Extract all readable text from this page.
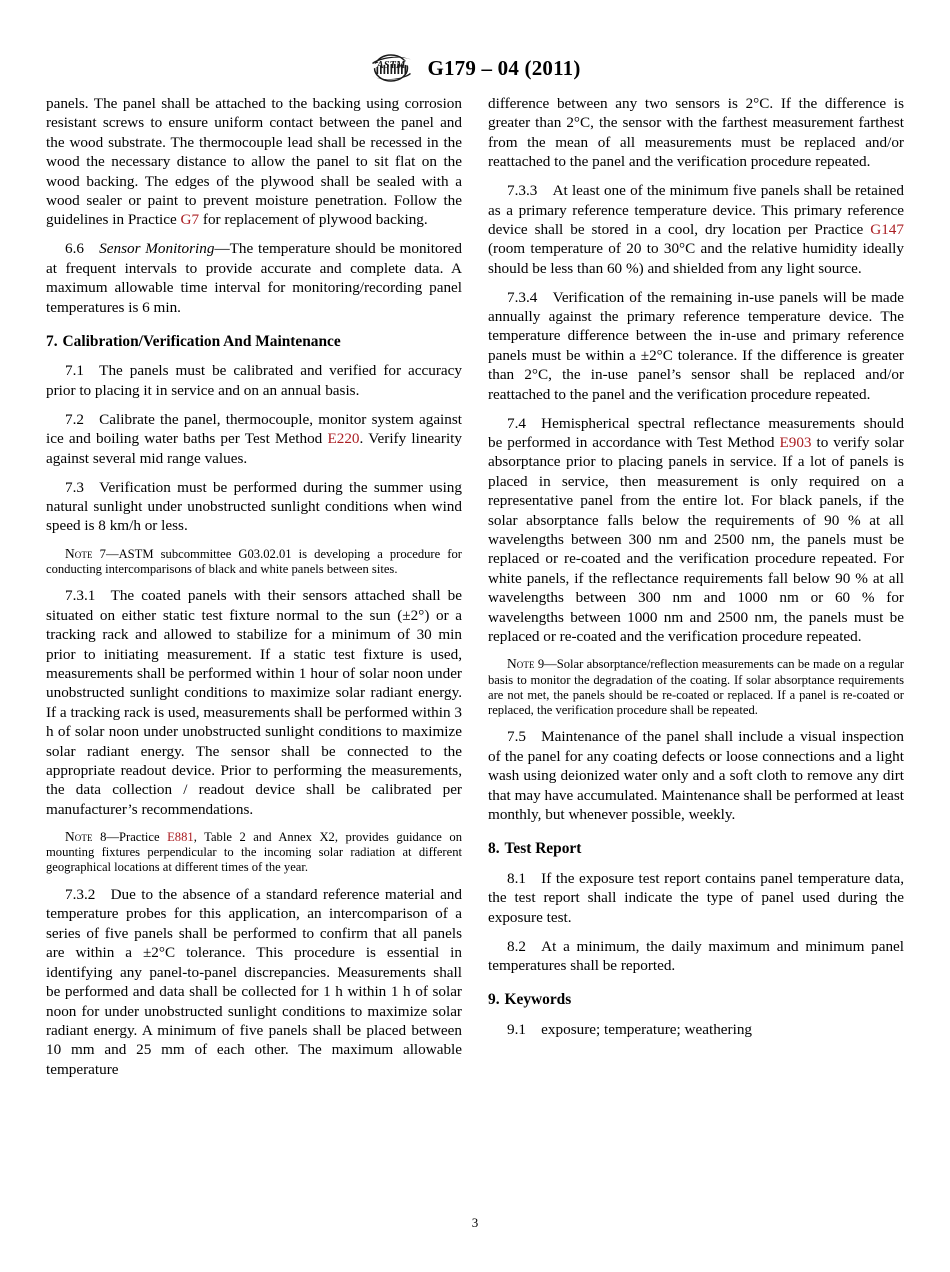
ASTM G179 – 04 (2011)

panels. The panel shall be attached to the backing using corrosion resistant screws to ensure uniform contact between the panel and the wood substrate. The thermocouple lead shall be recessed in the wood the necessary distance to allow the panel to sit flat on the wood backing. The edges of the plywood shall be sealed with a wood sealer or paint to prevent moisture penetration. Follow the guidelines in Practice G7 for replacement of plywood backing.

6.6  Sensor Monitoring—The temperature should be monitored at frequent intervals to provide accurate and complete data. A maximum allowable time interval for monitoring/recording panel temperatures is 6 min.

7. Calibration/Verification And Maintenance

7.1  The panels must be calibrated and verified for accuracy prior to placing it in service and on an annual basis.

7.2  Calibrate the panel, thermocouple, monitor system against ice and boiling water baths per Test Method E220. Verify linearity against several mid range values.

7.3  Verification must be performed during the summer using natural sunlight under unobstructed sunlight conditions when wind speed is 8 km/h or less.

Note 7—ASTM subcommittee G03.02.01 is developing a procedure for conducting intercomparisons of black and white panels between sites.

7.3.1  The coated panels with their sensors attached shall be situated on either static test fixture normal to the sun (±2°) or a tracking rack and allowed to stabilize for a minimum of 30 min prior to initiating measurement. If a static test fixture is used, measurements shall be performed within 1 hour of solar noon under unobstructed sunlight conditions to maximize solar radiant energy. If a tracking rack is used, measurements shall be performed within 3 h of solar noon under unobstructed sunlight conditions to maximize solar radiant energy. The sensor shall be connected to the appropriate readout device. Prior to performing the measurements, the data collection / readout device shall be calibrated per manufacturer’s recommendations.

Note 8—Practice E881, Table 2 and Annex X2, provides guidance on mounting fixtures perpendicular to the incoming solar radiation at different geographical locations at different times of the year.

7.3.2  Due to the absence of a standard reference material and temperature probes for this application, an intercomparison of a series of five panels shall be performed to confirm that all panels are within a ±2°C tolerance. This procedure is essential in identifying any panel-to-panel discrepancies. Measurements shall be performed and data shall be collected for 1 h within 1 h of solar noon for under unobstructed sunlight conditions to maximize solar radiant energy. A minimum of five panels shall be placed between 10 mm and 25 mm of each other. The maximum allowable temperature

difference between any two sensors is 2°C. If the difference is greater than 2°C, the sensor with the farthest measurement farthest from the mean of all measurements must be replaced and/or reattached to the panel and the verification procedure repeated.

7.3.3  At least one of the minimum five panels shall be retained as a primary reference temperature device. This primary reference device shall be stored in a cool, dry location per Practice G147 (room temperature of 20 to 30°C and the relative humidity ideally should be less than 60 %) and shielded from any light source.

7.3.4  Verification of the remaining in-use panels will be made annually against the primary reference temperature device. The temperature difference between the in-use and primary reference panels must be within a ±2°C tolerance. If the difference is greater than 2°C, the in-use panel’s sensor shall be replaced and/or reattached to the panel and the verification procedure repeated.

7.4  Hemispherical spectral reflectance measurements should be performed in accordance with Test Method E903 to verify solar absorptance prior to placing panels in service. If a lot of panels is placed in service, then measurement is only required on a representative panel from the entire lot. For black panels, if the solar absorptance falls below the requirements of 90 % at all wavelengths between 300 nm and 2500 nm, the panels must be replaced or re-coated and the verification procedure repeated. For white panels, if the reflectance requirements fall below 90 % at all wavelengths between 300 nm and 1000 nm or 60 % for wavelengths between 1000 nm and 2500 nm, the panels must be replaced or re-coated and the verification procedure repeated.

Note 9—Solar absorptance/reflection measurements can be made on a regular basis to monitor the degradation of the coating. If solar absorptance requirements are not met, the panels should be re-coated or replaced. If a panel is re-coated or replaced, the verification procedure shall be repeated.

7.5  Maintenance of the panel shall include a visual inspection of the panel for any coating defects or loose connections and a light wash using deionized water only and a soft cloth to remove any dirt that may have accumulated. Maintenance shall be performed at least monthly, but whenever possible, weekly.

8. Test Report

8.1  If the exposure test report contains panel temperature data, the test report shall indicate the type of panel used during the exposure test.

8.2  At a minimum, the daily maximum and minimum panel temperatures shall be reported.

9. Keywords

9.1  exposure; temperature; weathering

3
